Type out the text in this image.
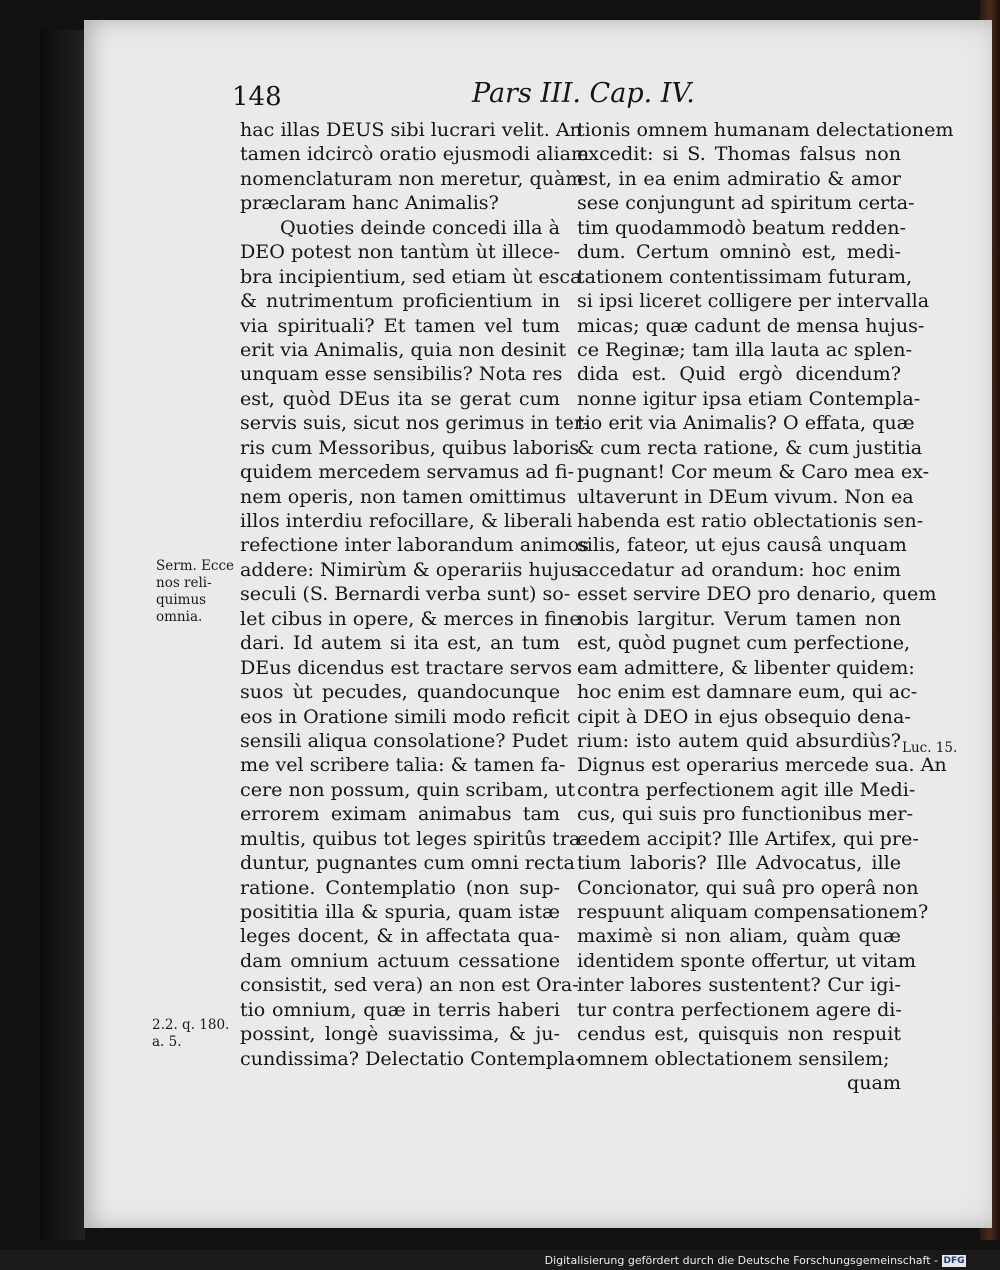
148	Pars III. Cap. IV.
hac illas DEUS sibi lucrari velit. An
tamen idcircò oratio ejusmodi aliam
nomenclaturam non meretur, quàm
præclaram hanc Animalis?
Quoties deinde concedi illa à
DEO potest non tantùm ùt illece-
bra incipientium, sed etiam ùt esca
& nutrimentum proficientium in
via spirituali? Et tamen vel tum
erit via Animalis, quia non desinit
unquam esse sensibilis? Nota res
est, quòd DEus ita se gerat cum
servis suis, sicut nos gerimus in ter-
ris cum Messoribus, quibus laboris
quidem mercedem servamus ad fi-
nem operis, non tamen omittimus
illos interdiu refocillare, & liberali
refectione inter laborandum animos
addere: Nimirùm & operariis hujus
seculi (S. Bernardi verba sunt) so-
let cibus in opere, & merces in fine
dari. Id autem si ita est, an tum
DEus dicendus est tractare servos
suos ùt pecudes, quandocunque
eos in Oratione simili modo reficit
sensili aliqua consolatione? Pudet
me vel scribere talia: & tamen fa-
cere non possum, quin scribam, ut
errorem eximam animabus tam
multis, quibus tot leges spiritûs tra-
duntur, pugnantes cum omni recta
ratione. Contemplatio (non sup-
posititia illa & spuria, quam istæ
leges docent, & in affectata qua-
dam omnium actuum cessatione
consistit, sed vera) an non est Ora-
tio omnium, quæ in terris haberi
possint, longè suavissima, & ju-
cundissima? Delectatio Contempla-
tionis omnem humanam delectationem
excedit: si S. Thomas falsus non
est, in ea enim admiratio & amor
sese conjungunt ad spiritum certa-
tim quodammodò beatum redden-
dum. Certum omninò est, medi-
tationem contentissimam futuram,
si ipsi liceret colligere per intervalla
micas; quæ cadunt de mensa hujus-
ce Reginæ; tam illa lauta ac splen-
dida est. Quid ergò dicendum?
nonne igitur ipsa etiam Contempla-
tio erit via Animalis? O effata, quæ
& cum recta ratione, & cum justitia
pugnant! Cor meum & Caro mea ex-
ultaverunt in DEum vivum. Non ea
habenda est ratio oblectationis sen-
silis, fateor, ut ejus causâ unquam
accedatur ad orandum: hoc enim
esset servire DEO pro denario, quem
nobis largitur. Verum tamen non
est, quòd pugnet cum perfectione,
eam admittere, & libenter quidem:
hoc enim est damnare eum, qui ac-
cipit à DEO in ejus obsequio dena-
rium: isto autem quid absurdiùs?
Dignus est operarius mercede sua. An
contra perfectionem agit ille Medi-
cus, qui suis pro functionibus mer-
cedem accipit? Ille Artifex, qui pre-
tium laboris? Ille Advocatus, ille
Concionator, qui suâ pro operâ non
respuunt aliquam compensationem?
maximè si non aliam, quàm quæ
identidem sponte offertur, ut vitam
inter labores sustentent? Cur igi-
tur contra perfectionem agere di-
cendus est, quisquis non respuit
omnem oblectationem sensilem;
quam
Serm. Ecce
nos reli-
quimus
omnia.
2.2. q. 180.
a. 5.
Luc. 15.
Digitalisierung gefördert durch die Deutsche Forschungsgemeinschaft - DFG
